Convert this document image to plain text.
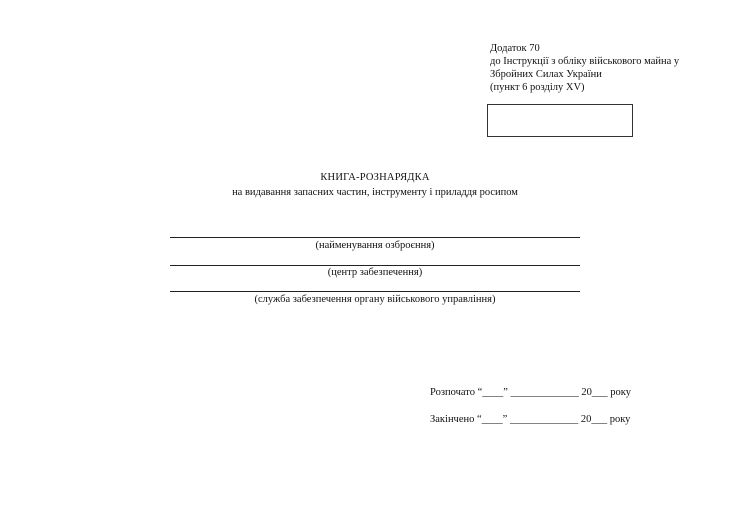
Додаток 70
до Інструкції з обліку військового майна у
Збройних Силах України
(пункт 6 розділу XV)
КНИГА-РОЗНАРЯДКА
на видавання запасних частин, інструменту і приладдя росипом
(найменування озброєння)
(центр забезпечення)
(служба забезпечення органу військового управління)
Розпочато “____” _____________ 20___ року
Закінчено “____” _____________ 20___ року
